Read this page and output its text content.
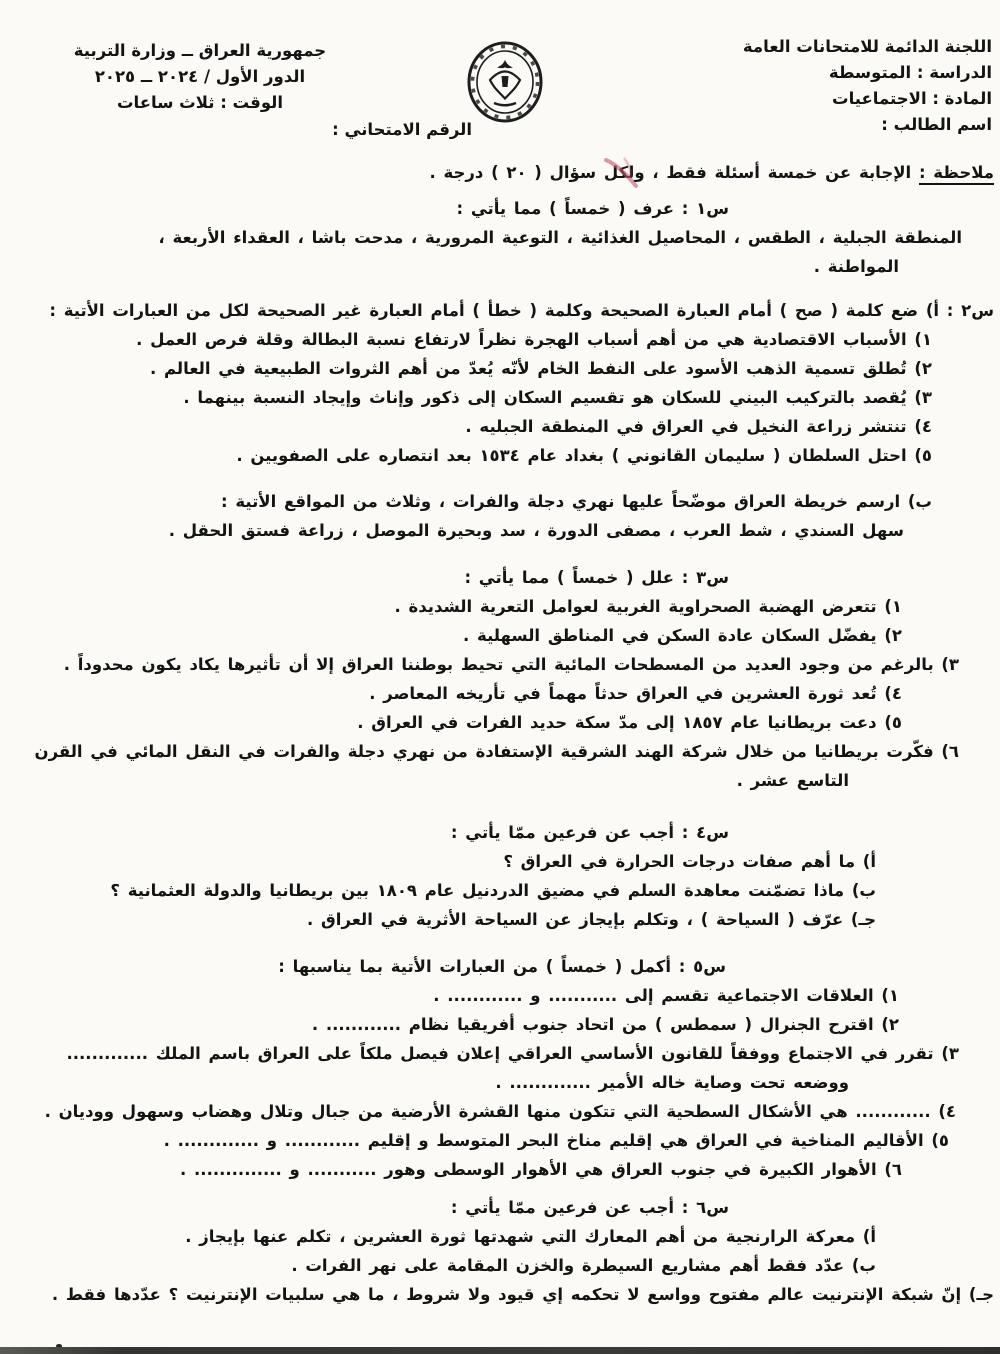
اللجنة الدائمة للامتحانات العامة
الدراسة : المتوسطة
المادة : الاجتماعيات
اسم الطالب :
جمهورية العراق ــ وزارة التربية
الدور الأول / ٢٠٢٤ ــ ٢٠٢٥
الوقت : ثلاث ساعات
الرقم الامتحاني :
ملاحظة : الإجابة عن خمسة أسئلة فقط ، ولكل سؤال ( ٢٠ ) درجة .
س١ : عرف ( خمساً ) مما يأتي :
المنطقة الجبلية ، الطقس ، المحاصيل الغذائية ، التوعية المرورية ، مدحت باشا ، العقداء الأربعة ،
المواطنة .
س٢ : أ) ضع كلمة ( صح ) أمام العبارة الصحيحة وكلمة ( خطأ ) أمام العبارة غير الصحيحة لكل من العبارات الأتية :
١) الأسباب الاقتصادية هي من أهم أسباب الهجرة نظراً لارتفاع نسبة البطالة وقلة فرص العمل .
٢) تُطلق تسمية الذهب الأسود على النفط الخام لأنّه يُعدّ من أهم الثروات الطبيعية في العالم .
٣) يُقصد بالتركيب البيني للسكان هو تقسيم السكان إلى ذكور وإناث وإيجاد النسبة بينهما .
٤) تنتشر زراعة النخيل في العراق في المنطقة الجبليه .
٥) احتل السلطان ( سليمان القانوني ) بغداد عام ١٥٣٤ بعد انتصاره على الصفويين .
ب) ارسم خريطة العراق موضّحاً عليها نهري دجلة والفرات ، وثلاث من المواقع الأتية :
سهل السندي ، شط العرب ، مصفى الدورة ، سد وبحيرة الموصل ، زراعة فستق الحقل .
س٣ : علل ( خمساً ) مما يأتي :
١) تتعرض الهضبة الصحراوية الغربية لعوامل التعرية الشديدة .
٢) يفضّل السكان عادة السكن في المناطق السهلية .
٣) بالرغم من وجود العديد من المسطحات المائية التي تحيط بوطننا العراق إلا أن تأثيرها يكاد يكون محدوداً .
٤) تُعد ثورة العشرين في العراق حدثاً مهماً في تأريخه المعاصر .
٥) دعت بريطانيا عام ١٨٥٧ إلى مدّ سكة حديد الفرات في العراق .
٦) فكّرت بريطانيا من خلال شركة الهند الشرقية الإستفادة من نهري دجلة والفرات في النقل المائي في القرن
التاسع عشر .
س٤ : أجب عن فرعين ممّا يأتي :
أ) ما أهم صفات درجات الحرارة في العراق ؟
ب) ماذا تضمّنت معاهدة السلم في مضيق الدردنيل عام ١٨٠٩ بين بريطانيا والدولة العثمانية ؟
جـ) عرّف ( السياحة ) ، وتكلم بإيجاز عن السياحة الأثرية في العراق .
س٥ : أكمل ( خمساً ) من العبارات الأتية بما يناسبها :
١) العلاقات الاجتماعية تقسم إلى ........... و ............ .
٢) اقترح الجنرال ( سمطس ) من اتحاد جنوب أفريقيا نظام ............ .
٣) تقرر في الاجتماع ووفقاً للقانون الأساسي العراقي إعلان فيصل ملكاً على العراق باسم الملك .............
ووضعه تحت وصاية خاله الأمير ............. .
٤) ............ هي الأشكال السطحية التي تتكون منها القشرة الأرضية من جبال وتلال وهضاب وسهول ووديان .
٥) الأقاليم المناخية في العراق هي إقليم مناخ البحر المتوسط و إقليم ............ و ............. .
٦) الأهوار الكبيرة في جنوب العراق هي الأهوار الوسطى وهور ........... و .............. .
س٦ : أجب عن فرعين ممّا يأتي :
أ) معركة الرارنجية من أهم المعارك التي شهدتها ثورة العشرين ، تكلم عنها بإيجاز .
ب) عدّد فقط أهم مشاريع السيطرة والخزن المقامة على نهر الفرات .
جـ) إنّ شبكة الإنترنيت عالم مفتوح وواسع لا تحكمه إي قيود ولا شروط ، ما هي سلبيات الإنترنيت ؟ عدّدها فقط .
